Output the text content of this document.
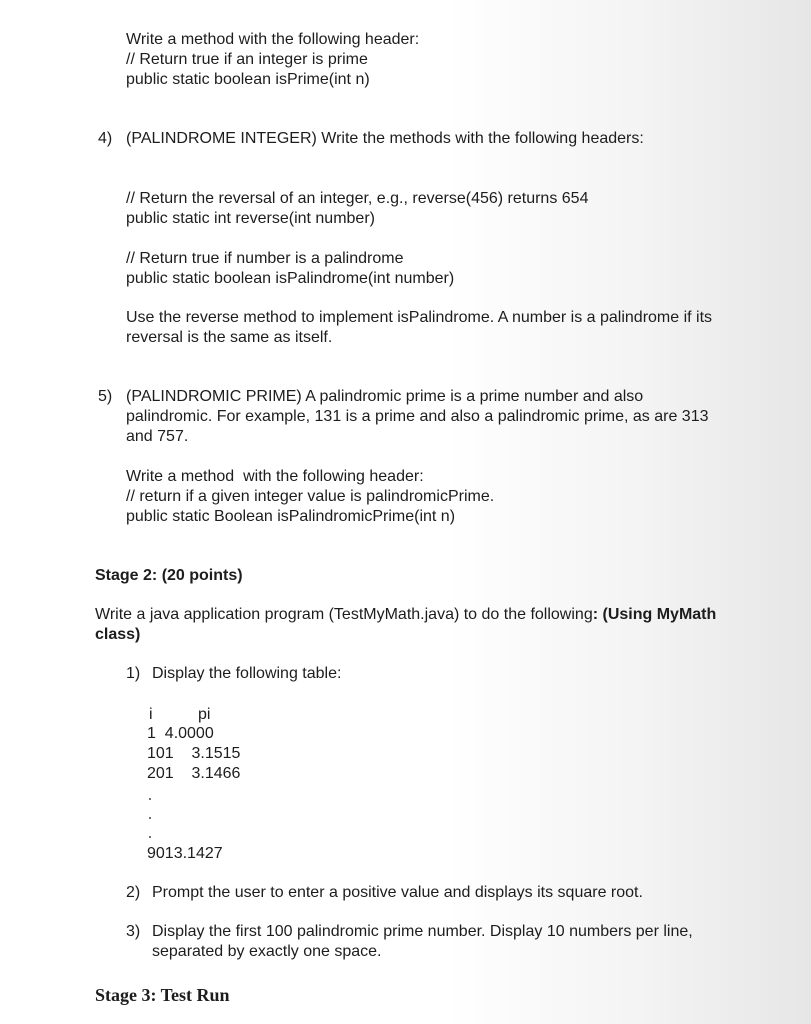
Write a method with the following header:
// Return true if an integer is prime
public static boolean isPrime(int n)
4) (PALINDROME INTEGER) Write the methods with the following headers:
// Return the reversal of an integer, e.g., reverse(456) returns 654
public static int reverse(int number)
// Return true if number is a palindrome
public static boolean isPalindrome(int number)
Use the reverse method to implement isPalindrome. A number is a palindrome if its
reversal is the same as itself.
5) (PALINDROMIC PRIME) A palindromic prime is a prime number and also
palindromic. For example, 131 is a prime and also a palindromic prime, as are 313
and 757.
Write a method  with the following header:
// return if a given integer value is palindromicPrime.
public static Boolean isPalindromicPrime(int n)
Stage 2: (20 points)
Write a java application program (TestMyMath.java) to do the following: (Using MyMath
class)
1) Display the following table:
i	pi
1  4.0000
101    3.1515
201    3.1466
9013.1427
2) Prompt the user to enter a positive value and displays its square root.
3) Display the first 100 palindromic prime number. Display 10 numbers per line,
separated by exactly one space.
Stage 3: Test Run
